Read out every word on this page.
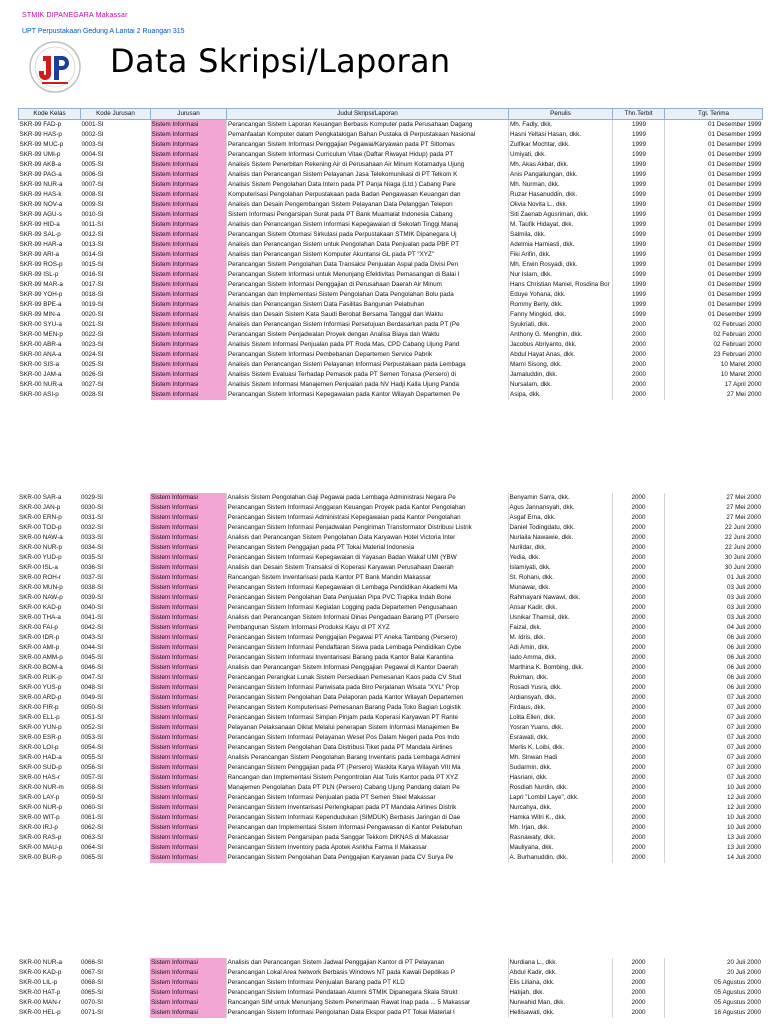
STMIK DIPANEGARA Makassar
UPT Perpustakaan Gedung A Lantai 2 Ruangan 315
Data Skripsi/Laporan
Kode Kelas	Kode Jurusan	Jurusan	Judul Skripsi/Laporan	Penulis	Thn.Terbit	Tgl. Terima
SKR-99 FAD-p	0001-SI	Sistem Informasi	Perancangan Sistem Laporan Keuangan Berbasis Komputer pada Perusahaan Dagang	Mh. Fadly, dkk.	1999	01 Desember 1999
SKR-99 HAS-p	0002-SI	Sistem Informasi	Pemanfaatan Komputer dalam Pengkatalogan Bahan Pustaka di Perpustakaan Nasional	Hasni Yeltasi Hasan, dkk.	1999	01 Desember 1999
SKR-99 MUC-p	0003-SI	Sistem Informasi	Perancangan Sistem Informasi Penggajian Pegawai/Karyawan pada PT Sittomas	Zulfikar Mochtar, dkk.	1999	01 Desember 1999
SKR-99 UMI-p	0004-SI	Sistem Informasi	Perancangan Sistem Informasi Curriculum Vitae (Daftar Riwayat Hidup) pada PT	Umiyati, dkk.	1999	01 Desember 1999
SKR-99 AKB-a	0005-SI	Sistem Informasi	Analisis Sistem Penerbitan Rekening Air di Perusahaan Air Minum Kotamadya Ujung	Mh. Akas Akbar, dkk.	1999	01 Desember 1999
SKR-99 PAG-a	0006-SI	Sistem Informasi	Analisis dan Perancangan Sistem Pelayanan Jasa Telekomunikasi di PT Telkom K	Anis Pangaliungan, dkk.	1999	01 Desember 1999
SKR-99 NUR-a	0007-SI	Sistem Informasi	Analisis Sistem Pengolahan Data Intern pada PT Panja Niaga (Ltd.) Cabang Pare	Mh. Nurman, dkk.	1999	01 Desember 1999
SKR-99 HAS-k	0008-SI	Sistem Informasi	Komputerisasi Pengolahan Perpustakaan pada Badan Pengawasan Keuangan dan	Ruzar Hasanuddin, dkk.	1999	01 Desember 1999
SKR-99 NOV-a	0009-SI	Sistem Informasi	Analisis dan Desain Pengembangan Sistem Pelayanan Data Pelanggan Telepon	Olivia Novita L., dkk.	1999	01 Desember 1999
SKR-99 AGU-s	0010-SI	Sistem Informasi	Sistem Informasi Pengarsipan Surat pada PT Bank Muamalat Indonesia Cabang	Siti Zaenab Agusriman, dkk.	1999	01 Desember 1999
SKR-99 HID-a	0011-SI	Sistem Informasi	Analisis dan Perancangan Sistem Informasi Kepegawaian di Sekolah Tinggi Manaj	M. Taufik Hidayat, dkk.	1999	01 Desember 1999
SKR-99 SAL-p	0012-SI	Sistem Informasi	Perancangan Sistem Otomasi Sirkulasi pada Perpustakaan STMIK Dipanegara Uj	Salmila, dkk.	1999	01 Desember 1999
SKR-99 HAR-a	0013-SI	Sistem Informasi	Analisis dan Perancangan Sistem untuk Pengolahan Data Penjualan pada PBF PT	Adelmia Harniasti, dkk.	1999	01 Desember 1999
SKR-99 ARI-a	0014-SI	Sistem Informasi	Analisis dan Perancangan Sistem Komputer Akuntansi GL pada PT "XYZ"	Fiki Arifin, dkk.	1999	01 Desember 1999
SKR-99 ROS-p	0015-SI	Sistem Informasi	Perancangan Sistem Pengolahan Data Transaksi Penjualan Aspal pada Divisi Pen	Mh. Erwin Rosyadi, dkk.	1999	01 Desember 1999
SKR-99 ISL-p	0016-SI	Sistem Informasi	Perancangan Sistem Informasi untuk Menunjang Efektivitas Pemasangan di Balai I	Nur Islam, dkk.	1999	01 Desember 1999
SKR-99 MAR-a	0017-SI	Sistem Informasi	Perancangan Sistem Informasi Penggajian di Perusahaan Daerah Air Minum	Hans Christian Maniel, Rosdina Bor	1999	01 Desember 1999
SKR-99 YOH-p	0018-SI	Sistem Informasi	Perancangan dan Implementasi Sistem Pengolahan Data Pengolahan Bolu pada	Eduye Yohana, dkk.	1999	01 Desember 1999
SKR-99 BPE-a	0019-SI	Sistem Informasi	Analisis dan Perancangan Sistem Data Fasilitas Bangunan Pelabuhan	Rommy Berty, dkk.	1999	01 Desember 1999
SKR-99 MIN-a	0020-SI	Sistem Informasi	Analisis dan Desain Sistem Kata Saudi Berobat Bersama Tanggal dan Waktu	Fanny Mingkid, dkk.	1999	01 Desember 1999
SKR-00 SYU-a	0021-SI	Sistem Informasi	Analisis dan Perancangan Sistem Informasi Persetujuan Berdasarkan pada PT (Pe	Syukriati, dkk.	2000	02 Februari 2000
SKR-00 MEN-p	0022-SI	Sistem Informasi	Perancangan Sistem Penjadwalan Proyek dengan Analisa Biaya dan Waktu	Anthony G. Menghin, dkk.	2000	02 Februari 2000
SKR-00 ABR-a	0023-SI	Sistem Informasi	Analisis Sistem Informasi Penjualan pada PT Roda Mas, CPD Cabang Ujung Pand	Jacobus Abriyanto, dkk.	2000	02 Februari 2000
SKR-00 ANA-a	0024-SI	Sistem Informasi	Perancangan Sistem Informasi Pembebanan Departemen Service Pabrik	Abdul Hayat Anas, dkk.	2000	23 Februari 2000
SKR-00 SIS-a	0025-SI	Sistem Informasi	Analisis dan Perancangan Sistem Pelayanan Informasi Perpustakaan pada Lembaga	Marni Sisong, dkk.	2000	10 Maret 2000
SKR-00 JAM-a	0026-SI	Sistem Informasi	Analisis Sistem Evaluasi Terhadap Pemasok pada PT Semen Tonasa (Persero) di	Jamaluddin, dkk.	2000	10 Maret 2000
SKR-00 NUR-a	0027-SI	Sistem Informasi	Analisis Sistem Informasi Manajemen Penjualan pada NV Hadji Kalla Ujung Panda	Nursalam, dkk.	2000	17 April 2000
SKR-00 ASI-p	0028-SI	Sistem Informasi	Perancangan Sistem Informasi Kepegawaian pada Kantor Wilayah Departemen Pe	Asipa, dkk.	2000	27 Mei 2000
SKR-00 SAR-a	0029-SI	Sistem Informasi	Analisis Sistem Pengolahan Gaji Pegawai pada Lembaga Administrasi Negara Pe	Benyamin Sarra, dkk.	2000	27 Mei 2000
SKR-00 JAN-p	0030-SI	Sistem Informasi	Perancangan Sistem Informasi Anggaran Keuangan Proyek pada Kantor Pengolahan	Agus Jannansyah, dkk.	2000	27 Mei 2000
SKR-00 ERN-p	0031-SI	Sistem Informasi	Perancangan Sistem Informasi Administrasi Kepegawaian pada Kantor Pengolahan	Asgaf Erna, dkk.	2000	27 Mei 2000
SKR-00 TOD-p	0032-SI	Sistem Informasi	Perancangan Sistem Informasi Penjadwalan Pengiriman Transformator Distribusi Listrik	Daniel Todingdatu, dkk.	2000	22 Juni 2000
SKR-00 NAW-a	0033-SI	Sistem Informasi	Analisis dan Perancangan Sistem Pengolahan Data Karyawan Hotel Victoria Inter	Nurlaila Nawawie, dkk.	2000	22 Juni 2000
SKR-00 NUR-p	0034-SI	Sistem Informasi	Perancangan Sistem Penggajian pada PT Tokai Material Indonesia	Nurildar, dkk.	2000	22 Juni 2000
SKR-00 YUD-p	0035-SI	Sistem Informasi	Perancangan Sistem Informasi Kepegawaian di Yayasan Badan Wakaf UMI (YBW	Yedia, dkk.	2000	30 Juni 2000
SKR-00 ISL-a	0036-SI	Sistem Informasi	Analisis dan Desain Sistem Transaksi di Koperasi Karyawan Perusahaan Daerah	Islamiyati, dkk.	2000	30 Juni 2000
SKR-00 ROH-r	0037-SI	Sistem Informasi	Rancangan Sistem Inventarisasi pada Kantor PT Bank Mandiri Makassar	St. Rohani, dkk.	2000	01 Juli 2000
SKR-00 MUN-p	0038-SI	Sistem Informasi	Perancangan Sistem Informasi Kepegawaian di Lembaga Pendidikan Akademi Ma	Munawar, dkk.	2000	03 Juli 2000
SKR-00 NAW-p	0039-SI	Sistem Informasi	Perancangan Sistem Pengolahan Data Penjualan Pipa PVC Trapika Indah Bone	Rahmayani Nawawi, dkk.	2000	03 Juli 2000
SKR-00 KAD-p	0040-SI	Sistem Informasi	Perancangan Sistem Informasi Kegiatan Logging pada Departemen Pengusahaan	Ansar Kadir, dkk.	2000	03 Juli 2000
SKR-00 THA-a	0041-SI	Sistem Informasi	Analisis dan Perancangan Sistem Informasi Dinas Pengadaan Barang PT (Persero	Usnikar Thamsil, dkk.	2000	03 Juli 2000
SKR-00 FAI-p	0042-SI	Sistem Informasi	Pembangunan Sistem Informasi Produksi Kayu di PT XYZ	Faizal, dkk.	2000	04 Juli 2000
SKR-00 IDR-p	0043-SI	Sistem Informasi	Perancangan Sistem Informasi Penggajian Pegawai PT Aneka Tambang (Persero)	M. Idris, dkk.	2000	06 Juli 2000
SKR-00 AMI-p	0044-SI	Sistem Informasi	Perancangan Sistem Informasi Pendaftaran Siswa pada Lembaga Pendidikan Cybe	Adi Amin, dkk.	2000	06 Juli 2000
SKR-00 AMM-p	0045-SI	Sistem Informasi	Perancangan Sistem Informasi Inventarisasi Barang pada Kantor Balai Karantina	Iado Amma, dkk.	2000	06 Juli 2000
SKR-00 BOM-a	0046-SI	Sistem Informasi	Analisis dan Perancangan Sistem Informasi Penggajian Pegawai di Kantor Daerah	Marthina K. Bombing, dkk.	2000	06 Juli 2000
SKR-00 RUK-p	0047-SI	Sistem Informasi	Perancangan Perangkat Lunak Sistem Persediaan Pemesanan Kaos pada CV Stud	Rukman, dkk.	2000	06 Juli 2000
SKR-00 YUS-p	0048-SI	Sistem Informasi	Perancangan Sistem Informasi Pariwisata pada Biro Perjalanan Wisata "XYL" Prop	Rosadi Yusra, dkk.	2000	06 Juli 2000
SKR-00 ARD-p	0049-SI	Sistem Informasi	Perancangan Sistem Pengolahan Data Pelaporan pada Kantor Wilayah Departemen	Ardiansyah, dkk.	2000	07 Juli 2000
SKR-00 FIR-p	0050-SI	Sistem Informasi	Perancangan Sistem Komputerisasi Pemesanan Barang Pada Toko Bagian Logistik	Firdaus, dkk.	2000	07 Juli 2000
SKR-00 ELL-p	0051-SI	Sistem Informasi	Perancangan Sistem Informasi Simpan Pinjam pada Koperasi Karyawan PT Rante	Lolita Ellen, dkk.	2000	07 Juli 2000
SKR-00 YUN-p	0052-SI	Sistem Informasi	Pelayanan Pelaksanaan Diklat Melalui penerapan Sistem Informasi Manajemen Be	Yosran Yuans, dkk.	2000	07 Juli 2000
SKR-00 ESR-p	0053-SI	Sistem Informasi	Perancangan Sistem Informasi Pelayanan Wesel Pos Dalam Negeri pada Pos Indo	Esrawati, dkk.	2000	07 Juli 2000
SKR-00 LOI-p	0054-SI	Sistem Informasi	Perancangan Sistem Pengolahan Data Distribusi Tiket pada PT Mandala Airlines	Merlis K. Loibi, dkk.	2000	07 Juli 2000
SKR-00 HAD-a	0055-SI	Sistem Informasi	Analisis Perancangan Sistem Pengolahan Barang Inventaris pada Lembaga Admini	Mh. Slnwan Hadi	2000	07 Juli 2000
SKR-00 SUD-p	0056-SI	Sistem Informasi	Perancangan Sistem Penggajian pada PT (Persero) Waskita Karya Wilayah VIII Ma	Sudarmin, dkk.	2000	07 Juli 2000
SKR-00 HAS-r	0057-SI	Sistem Informasi	Rancangan dan Implementasi Sistem Pengontrolan Alat Tulis Kantor pada PT XYZ	Hasriani, dkk.	2000	07 Juli 2000
SKR-00 NUR-m	0058-SI	Sistem Informasi	Manajemen Pengolahan Data PT PLN (Persero) Cabang Ujung Pandang dalam Pe	Rosdiah Nurdin, dkk.	2000	10 Juli 2000
SKR-00 LAY-p	0059-SI	Sistem Informasi	Perancangan Sistem Informasi Penjualan pada PT Semen Steel Makassar	Lapri "Lombil Laye", dkk.	2000	12 Juli 2000
SKR-00 NUR-p	0060-SI	Sistem Informasi	Perancangan Sistem Inventarisasi Perlengkapan pada PT Mandala Airlines Distrik	Nurcahya, dkk.	2000	12 Juli 2000
SKR-00 WIT-p	0061-SI	Sistem Informasi	Perancangan Sistem Informasi Kependudukan (SIMDUK) Berbasis Jaringan di Dae	Hamka Witri K., dkk.	2000	10 Juli 2000
SKR-00 IRJ-p	0062-SI	Sistem Informasi	Perancangan dan Implementasi Sistem Informasi Pengawasan di Kantor Pelabuhan	Mh. Irjan, dkk.	2000	10 Juli 2000
SKR-00 RAS-p	0063-SI	Sistem Informasi	Perancangan Sistem Pengarsipan pada Sanggar Tekkom DIKNAS di Makassar	Rasnawaty, dkk.	2000	13 Juli 2000
SKR-00 MAU-p	0064-SI	Sistem Informasi	Perancangan Sistem Inventory pada Apotek Asrikha Farma II Makassar	Mauliyana, dkk.	2000	13 Juli 2000
SKR-00 BUR-p	0065-SI	Sistem Informasi	Perancangan Sistem Pengolahan Data Penggajian Karyawan pada CV Surya Pe	A. Burhanuddin, dkk.	2000	14 Juli 2000
SKR-00 NUR-a	0066-SI	Sistem Informasi	Analisis dan Perancangan Sistem Jadwal Penggajian Kantor di PT Pelayanan	Nurdiana L., dkk.	2000	20 Juli 2000
SKR-00 KAD-p	0067-SI	Sistem Informasi	Perancangan Lokal Area Network Berbasis Windows NT pada Kawali Depdikas P	Abdul Kadir, dkk.	2000	20 Juli 2000
SKR-00 LIL-p	0068-SI	Sistem Informasi	Perancangan Sistem Informasi Penjualan Barang pada PT KLD	Elis Liliana, dkk.	2000	05 Agustus 2000
SKR-00 HAT-p	0065-SI	Sistem Informasi	Perancangan Sistem Informasi Pendataan Alumni STMIK Dipanegara Skala Strukt	Hatijah, dkk.	2000	05 Agustus 2000
SKR-00 MAN-r	0070-SI	Sistem Informasi	Rancangan SIM untuk Menunjang Sistem Penerimaan Rawat Inap pada ... 5 Makassar	Nurwahid Man, dkk.	2000	05 Agustus 2000
SKR-00 HEL-p	0071-SI	Sistem Informasi	Perancangan Sistem Informasi Pengolahan Data Ekspor pada PT Tokai Material I	Hellisawati, dkk.	2000	16 Agustus 2000
